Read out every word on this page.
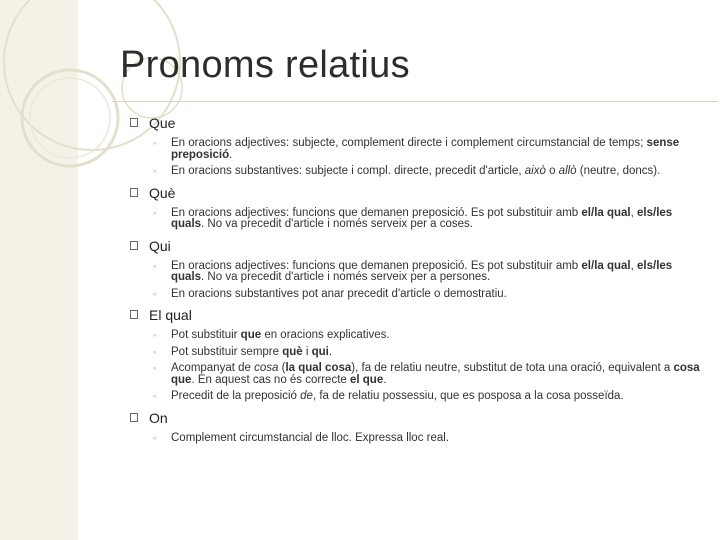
Pronoms relatius
Que
◦ En oracions adjectives: subjecte, complement directe i complement circumstancial de temps; sense preposició.
◦ En oracions substantives: subjecte i compl. directe, precedit d'article, això o allò (neutre, doncs).
Què
◦ En oracions adjectives: funcions que demanen preposició. Es pot substituir amb el/la qual, els/les quals. No va precedit d'article i només serveix per a coses.
Qui
◦ En oracions adjectives: funcions que demanen preposició. Es pot substituir amb el/la qual, els/les quals. No va precedit d'article i només serveix per a persones.
◦ En oracions substantives pot anar precedit d'article o demostratiu.
El qual
◦ Pot substituir que en oracions explicatives.
◦ Pot substituir sempre què i qui.
◦ Acompanyat de cosa (la qual cosa), fa de relatiu neutre, substitut de tota una oració, equivalent a cosa que. En aquest cas no és correcte el que.
◦ Precedit de la preposició de, fa de relatiu possessiu, que es posposa a la cosa posseïda.
On
◦ Complement circumstancial de lloc. Expressa lloc real.
